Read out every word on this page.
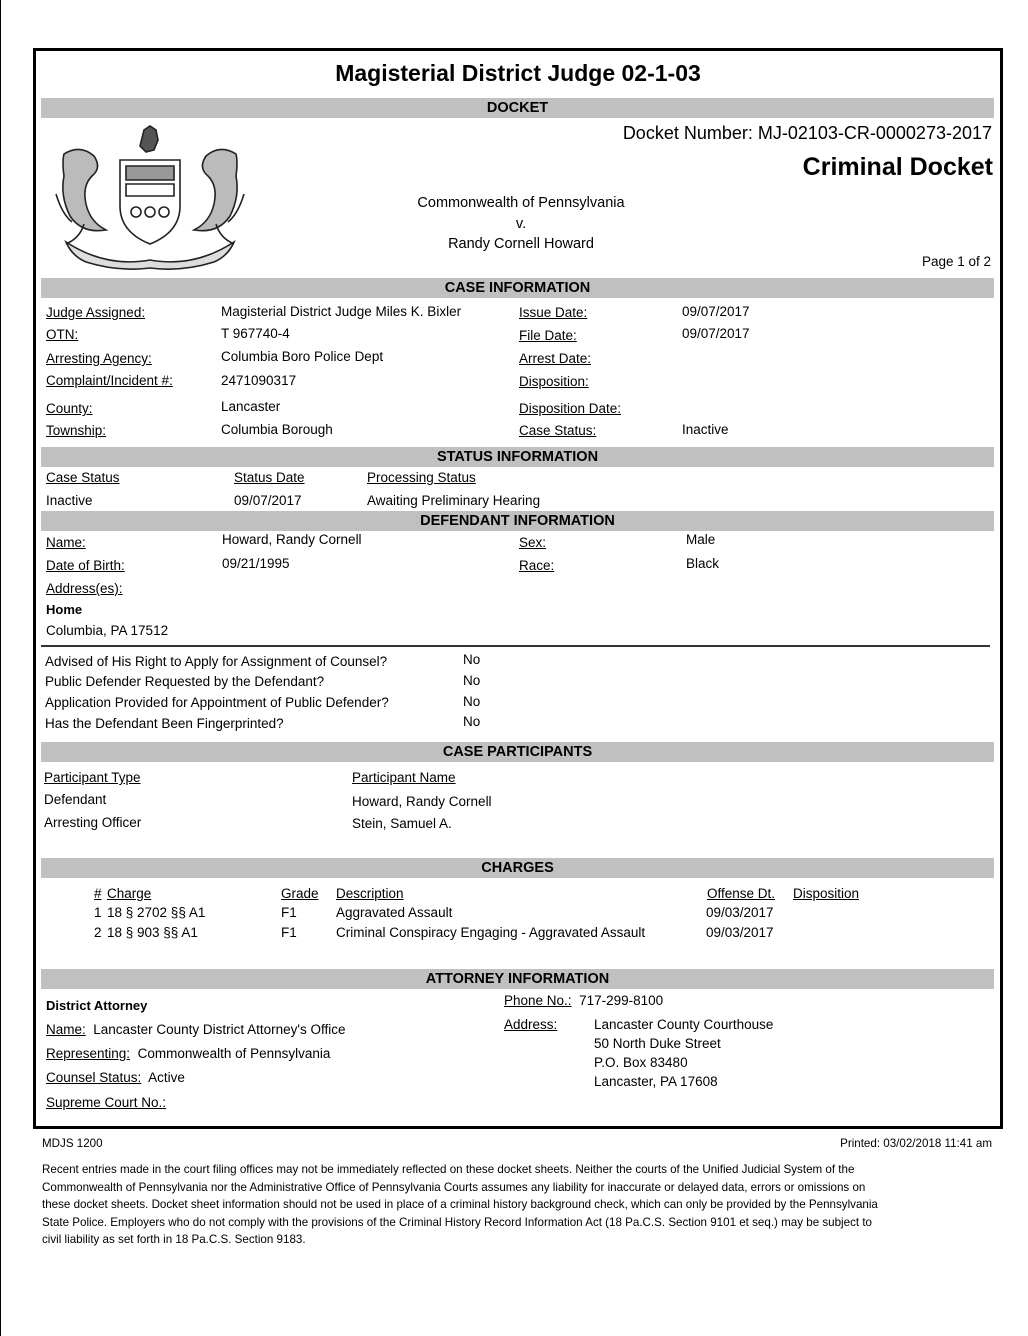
Magisterial District Judge 02-1-03
DOCKET
Docket Number: MJ-02103-CR-0000273-2017
Criminal Docket
Commonwealth of Pennsylvania
v.
Randy Cornell Howard
Page 1 of 2
CASE INFORMATION
Judge Assigned:	Magisterial District Judge Miles K. Bixler
OTN:	T 967740-4
Arresting Agency:	Columbia Boro Police Dept
Complaint/Incident #:	2471090317
County:	Lancaster
Township:	Columbia Borough
Issue Date:	09/07/2017
File Date:	09/07/2017
Arrest Date:
Disposition:
Disposition Date:
Case Status:	Inactive
STATUS INFORMATION
Case Status	Status Date	Processing Status
Inactive	09/07/2017	Awaiting Preliminary Hearing
DEFENDANT INFORMATION
Name:	Howard, Randy Cornell
Date of Birth:	09/21/1995
Address(es):
Home
Columbia, PA 17512
Sex:	Male
Race:	Black
Advised of His Right to Apply for Assignment of Counsel?	No
Public Defender Requested by the Defendant?	No
Application Provided for Appointment of Public Defender?	No
Has the Defendant Been Fingerprinted?	No
CASE PARTICIPANTS
Participant Type	Participant Name
Defendant	Howard, Randy Cornell
Arresting Officer	Stein, Samuel A.
CHARGES
# Charge	Grade Description	Offense Dt. Disposition
1 18 § 2702 §§ A1	F1	Aggravated Assault	09/03/2017
2 18 § 903 §§ A1	F1	Criminal Conspiracy Engaging - Aggravated Assault	09/03/2017
ATTORNEY INFORMATION
District Attorney
Name: Lancaster County District Attorney's Office
Representing: Commonwealth of Pennsylvania
Counsel Status: Active
Supreme Court No.:
Phone No.: 717-299-8100
Address:	Lancaster County Courthouse
50 North Duke Street
P.O. Box 83480
Lancaster, PA 17608
MDJS 1200	Printed: 03/02/2018 11:41 am
Recent entries made in the court filing offices may not be immediately reflected on these docket sheets. Neither the courts of the Unified Judicial System of the Commonwealth of Pennsylvania nor the Administrative Office of Pennsylvania Courts assumes any liability for inaccurate or delayed data, errors or omissions on these docket sheets. Docket sheet information should not be used in place of a criminal history background check, which can only be provided by the Pennsylvania State Police. Employers who do not comply with the provisions of the Criminal History Record Information Act (18 Pa.C.S. Section 9101 et seq.) may be subject to civil liability as set forth in 18 Pa.C.S. Section 9183.
